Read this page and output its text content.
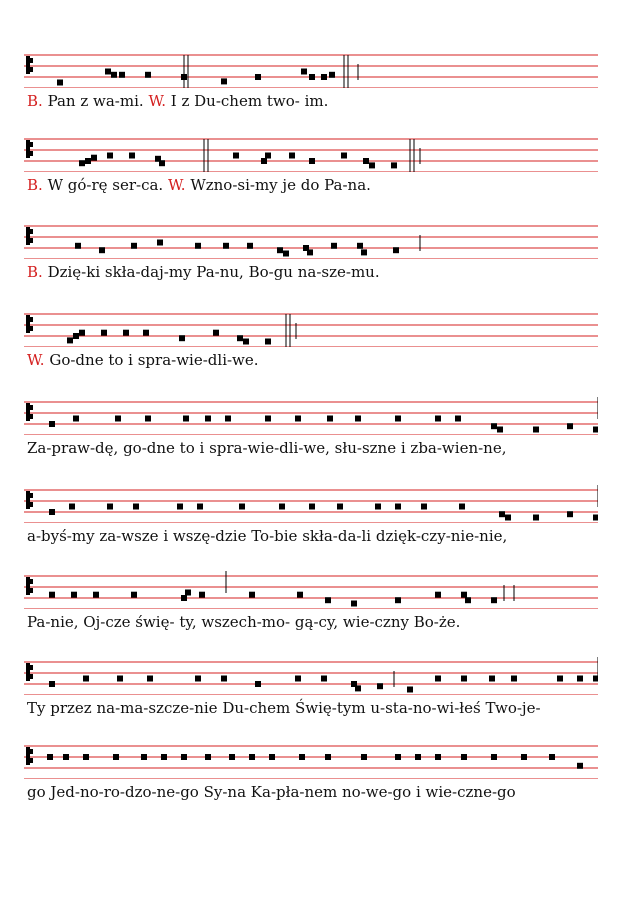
B. Pan z wa-mi. W. I z Du-chem two- im.
B. W gó-rę ser-ca. W. Wzno-si-my je do Pa-na.
B. Dzię-ki skła-daj-my Pa-nu, Bo-gu na-sze-mu.
W. Go-dne to i spra-wie-dli-we.
Za-praw-dę, go-dne to i spra-wie-dli-we, słu-szne i zba-wien-ne,
a-byś-my za-wsze i wszę-dzie To-bie skła-da-li dzięk-czy-nie-nie,
Pa-nie, Oj-cze świę- ty, wszech-mo- gą-cy, wie-czny Bo-że.
Ty przez na-ma-szcze-nie Du-chem Świę-tym u-sta-no-wi-łeś Two-je-
go Jed-no-ro-dzo-ne-go Sy-na Ka-pła-nem no-we-go i wie-czne-go
